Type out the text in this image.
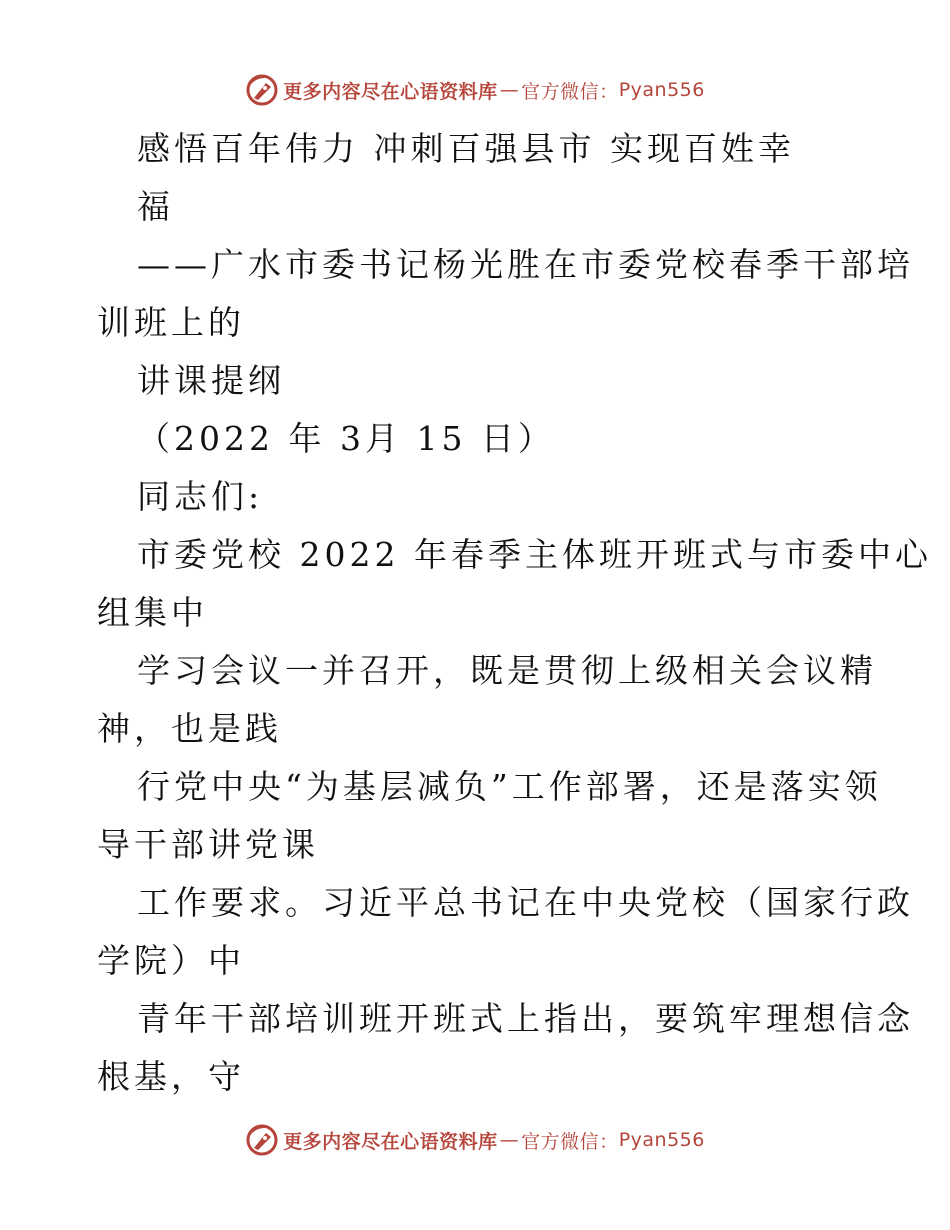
更多内容尽在心语资料库 — 官方微信： Pyan556
感悟百年伟力 冲刺百强县市 实现百姓幸
福
——广水市委书记杨光胜在市委党校春季干部培
训班上的
讲课提纲
（2022 年 3月 15 日）
同志们:
市委党校 2022 年春季主体班开班式与市委中心
组集中
学习会议一并召开，既是贯彻上级相关会议精
神，也是践
行党中央“为基层减负”工作部署，还是落实领
导干部讲党课
工作要求。习近平总书记在中央党校（国家行政
学院）中
青年干部培训班开班式上指出，要筑牢理想信念
根基，守
更多内容尽在心语资料库 — 官方微信： Pyan556
